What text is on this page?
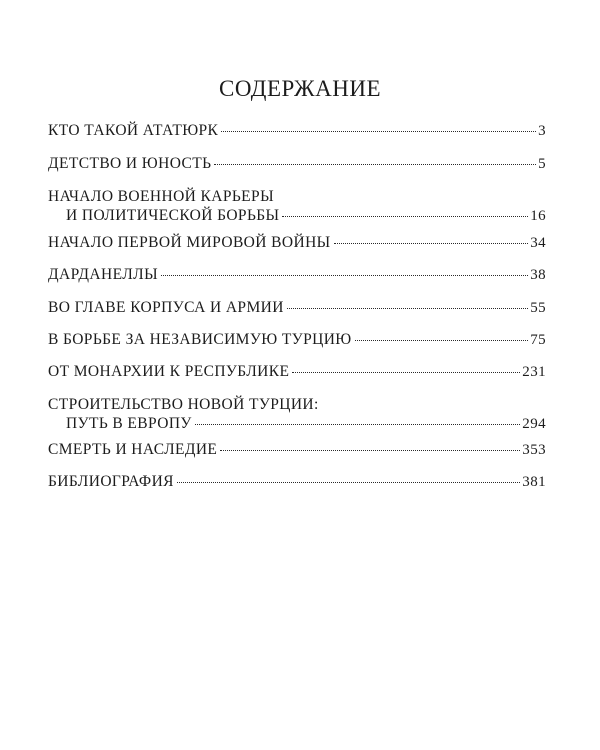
СОДЕРЖАНИЕ
КТО ТАКОЙ АТАТЮРК	3
ДЕТСТВО И ЮНОСТЬ	5
НАЧАЛО ВОЕННОЙ КАРЬЕРЫ
И ПОЛИТИЧЕСКОЙ БОРЬБЫ	16
НАЧАЛО ПЕРВОЙ МИРОВОЙ ВОЙНЫ	34
ДАРДАНЕЛЛЫ	38
ВО ГЛАВЕ КОРПУСА И АРМИИ	55
В БОРЬБЕ ЗА НЕЗАВИСИМУЮ ТУРЦИЮ	75
ОТ МОНАРХИИ К РЕСПУБЛИКЕ	231
СТРОИТЕЛЬСТВО НОВОЙ ТУРЦИИ:
ПУТЬ В ЕВРОПУ	294
СМЕРТЬ И НАСЛЕДИЕ	353
БИБЛИОГРАФИЯ	381
